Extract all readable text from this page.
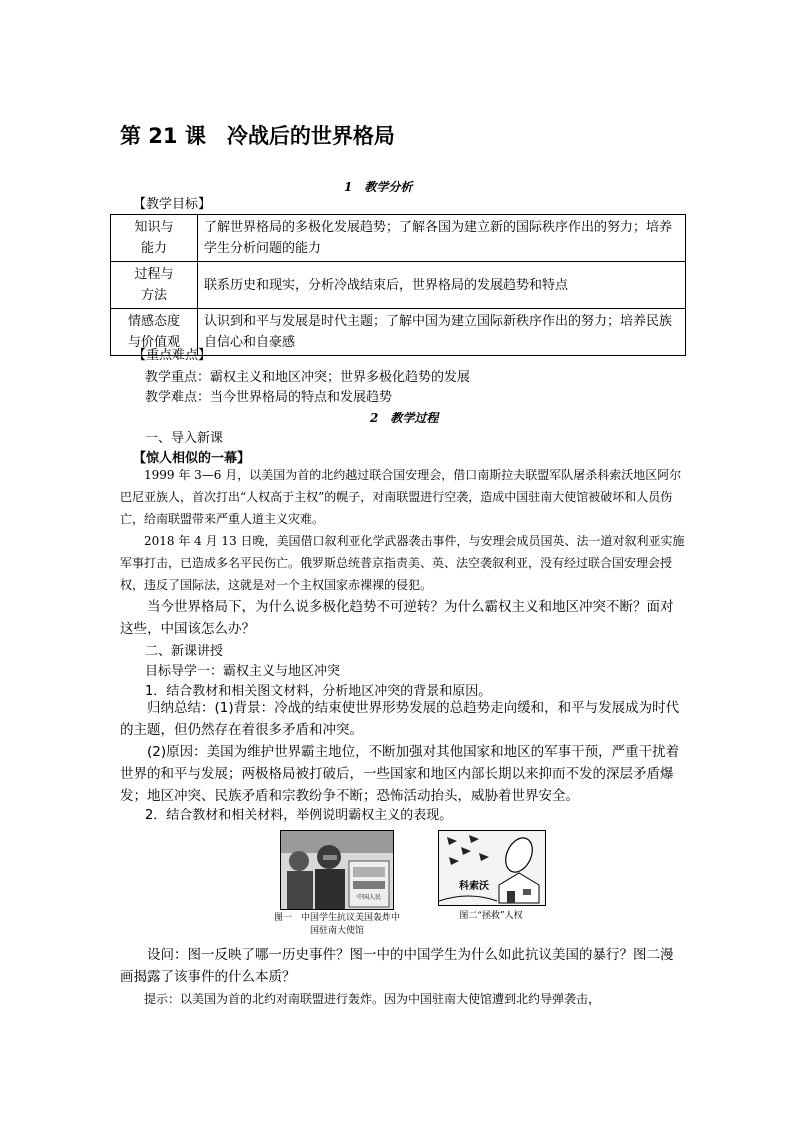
第 21 课　冷战后的世界格局
1　教学分析
【教学目标】
知识与
能力	了解世界格局的多极化发展趋势；了解各国为建立新的国际秩序作出的努力；培养学生分析问题的能力

过程与
方法	联系历史和现实，分析冷战结束后，世界格局的发展趋势和特点

情感态度
与价值观	认识到和平与发展是时代主题；了解中国为建立国际新秩序作出的努力；培养民族自信心和自豪感
【重点难点】
教学重点：霸权主义和地区冲突；世界多极化趋势的发展
教学难点：当今世界格局的特点和发展趋势
2　教学过程
一、导入新课
【惊人相似的一幕】

1999 年 3—6 月，以美国为首的北约越过联合国安理会，借口南斯拉夫联盟军队屠杀科索沃地区阿尔巴尼亚族人，首次打出“人权高于主权”的幌子，对南联盟进行空袭，造成中国驻南大使馆被破坏和人员伤亡，给南联盟带来严重人道主义灾难。

2018 年 4 月 13 日晚，美国借口叙利亚化学武器袭击事件，与安理会成员国英、法一道对叙利亚实施军事打击，已造成多名平民伤亡。俄罗斯总统普京指责美、英、法空袭叙利亚，没有经过联合国安理会授权，违反了国际法，这就是对一个主权国家赤裸裸的侵犯。

当今世界格局下，为什么说多极化趋势不可逆转？为什么霸权主义和地区冲突不断？面对这些，中国该怎么办？

二、新课讲授
目标导学一：霸权主义与地区冲突
1．结合教材和相关图文材料，分析地区冲突的背景和原因。

归纳总结：(1)背景：冷战的结束使世界形势发展的总趋势走向缓和，和平与发展成为时代的主题，但仍然存在着很多矛盾和冲突。

(2)原因：美国为维护世界霸主地位，不断加强对其他国家和地区的军事干预，严重干扰着世界的和平与发展；两极格局被打破后，一些国家和地区内部长期以来抑而不发的深层矛盾爆发；地区冲突、民族矛盾和宗教纷争不断；恐怖活动抬头，威胁着世界安全。

2．结合教材和相关材料，举例说明霸权主义的表现。
中国人民
图一　中国学生抗议美国轰炸中国驻南大使馆
科索沃
图二“拯救”人权

设问：图一反映了哪一历史事件？图一中的中国学生为什么如此抗议美国的暴行？图二漫画揭露了该事件的什么本质？

提示：以美国为首的北约对南联盟进行轰炸。因为中国驻南大使馆遭到北约导弹袭击，
